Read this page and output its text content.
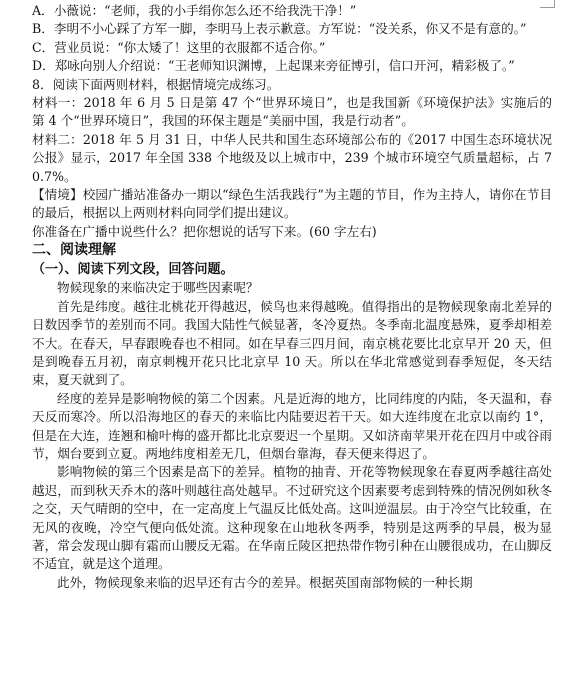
A．小薇说：“老师，我的小手绢你怎么还不给我洗干净！”

B．李明不小心踩了方军一脚，李明马上表示歉意。方军说：“没关系，你又不是有意的。”

C．营业员说：“你太矮了！这里的衣服都不适合你。”

D．郑咏向别人介绍说：“王老师知识渊博，上起课来旁征博引，信口开河，精彩极了。”

8．阅读下面两则材料，根据情境完成练习。

材料一：2018 年 6 月 5 日是第 47 个“世界环境日”，也是我国新《环境保护法》实施后的第 4 个“世界环境日”，我国的环保主题是“美丽中国，我是行动者”。

材料二：2018 年 5 月 31 日，中华人民共和国生态环境部公布的《2017 中国生态环境状况公报》显示，2017 年全国 338 个地级及以上城市中，239 个城市环境空气质量超标，占 70.7%。

【情境】校园广播站准备办一期以“绿色生活我践行”为主题的节目，作为主持人，请你在节目的最后，根据以上两则材料向同学们提出建议。

你准备在广播中说些什么？把你想说的话写下来。(60 字左右)

二、阅读理解

（一）、阅读下列文段，回答问题。

物候现象的来临决定于哪些因素呢？

首先是纬度。越往北桃花开得越迟，候鸟也来得越晚。值得指出的是物候现象南北差异的日数因季节的差别而不同。我国大陆性气候显著，冬冷夏热。冬季南北温度悬殊，夏季却相差不大。在春天，早春跟晚春也不相同。如在早春三四月间，南京桃花要比北京早开 20 天，但是到晚春五月初，南京刺槐开花只比北京早 10 天。所以在华北常感觉到春季短促，冬天结束，夏天就到了。

经度的差异是影响物候的第二个因素。凡是近海的地方，比同纬度的内陆，冬天温和，春天反而寒冷。所以沿海地区的春天的来临比内陆要迟若干天。如大连纬度在北京以南约 1°，但是在大连，连翘和榆叶梅的盛开都比北京要迟一个星期。又如济南苹果开花在四月中或谷雨节，烟台要到立夏。两地纬度相差无几，但烟台靠海，春天便来得迟了。

影响物候的第三个因素是高下的差异。植物的抽青、开花等物候现象在春夏两季越往高处越迟，而到秋天乔木的落叶则越往高处越早。不过研究这个因素要考虑到特殊的情况例如秋冬之交，天气晴朗的空中，在一定高度上气温反比低处高。这叫逆温层。由于冷空气比较重，在无风的夜晚，冷空气便向低处流。这种现象在山地秋冬两季，特别是这两季的早晨，极为显著，常会发现山脚有霜而山腰反无霜。在华南丘陵区把热带作物引种在山腰很成功，在山脚反不适宜，就是这个道理。

此外，物候现象来临的迟早还有古今的差异。根据英国南部物候的一种长期
